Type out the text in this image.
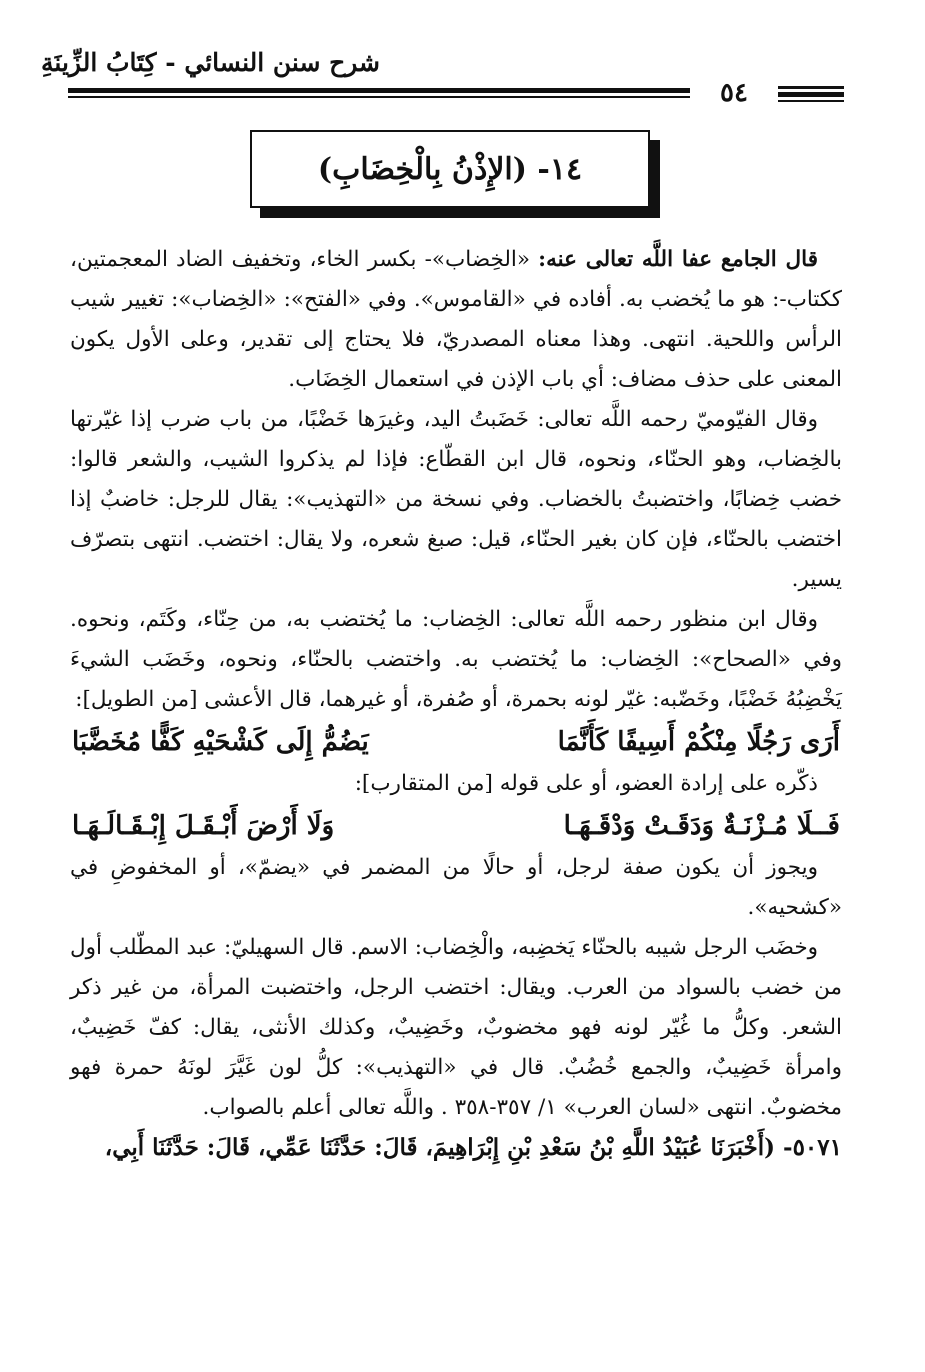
شرح سنن النسائي - كِتَابُ الزِّينَةِ
٥٤
١٤- (الإِذْنُ بِالْخِضَابِ)

قال الجامع عفا اللَّه تعالى عنه: «الخِضاب»- بكسر الخاء، وتخفيف الضاد المعجمتين، ككتاب-: هو ما يُخضب به. أفاده في «القاموس». وفي «الفتح»: «الخِضاب»: تغيير شيب الرأس واللحية. انتهى. وهذا معناه المصدريّ، فلا يحتاج إلى تقدير، وعلى الأول يكون المعنى على حذف مضاف: أي باب الإذن في استعمال الخِضَاب.

وقال الفيّوميّ رحمه اللَّه تعالى: خَضَبتُ اليد، وغيرَها خَضْبًا، من باب ضرب إذا غيّرتها بالخِضاب، وهو الحنّاء، ونحوه، قال ابن القطّاع: فإذا لم يذكروا الشيب، والشعر قالوا: خضب خِضابًا، واختضبتُ بالخضاب. وفي نسخة من «التهذيب»: يقال للرجل: خاضبٌ إذا اختضب بالحنّاء، فإن كان بغير الحنّاء، قيل: صبغ شعره، ولا يقال: اختضب. انتهى بتصرّف يسير.

وقال ابن منظور رحمه اللَّه تعالى: الخِضاب: ما يُختضب به، من حِنّاء، وكَتَم، ونحوه. وفي «الصحاح»: الخِضاب: ما يُختضب به. واختضب بالحنّاء، ونحوه، وخَضَب الشيءَ يَخْضِبُهُ خَضْبًا، وخَضّبه: غيّر لونه بحمرة، أو صُفرة، أو غيرهما، قال الأعشى [من الطويل]:

أَرَى رَجُلًا مِنْكُمْ أَسِيفًا كَأَنَّمَا
يَضُمُّ إِلَى كَشْحَيْهِ كَفًّا مُخَضَّبَا

ذكّره على إرادة العضو، أو على قوله [من المتقارب]:

فَــلَا مُـزْنَـةٌ وَدَقَـتْ وَدْقَـهَـا
وَلَا أَرْضَ أَبْـقَـلَ إِبْـقَـالَـهَـا

ويجوز أن يكون صفة لرجل، أو حالًا من المضمر في «يضمّ»، أو المخفوضِ في «كشحيه».

وخضَب الرجل شيبه بالحنّاء يَخضِبه، والْخِضاب: الاسم. قال السهيليّ: عبد المطّلب أول من خضب بالسواد من العرب. ويقال: اختضب الرجل، واختضبت المرأة، من غير ذكر الشعر. وكلُّ ما غُيّر لونه فهو مخضوبٌ، وخَضِيبٌ، وكذلك الأنثى، يقال: كفّ خَضِيبٌ، وامرأة خَضِيبٌ، والجمع خُضُبٌ. قال في «التهذيب»: كلُّ لون غَيَّرَ لونَهُ حمرة فهو مخضوبٌ. انتهى «لسان العرب» ١/ ٣٥٧-٣٥٨ . واللَّه تعالى أعلم بالصواب.

٥٠٧١- (أَخْبَرَنَا عُبَيْدُ اللَّهِ بْنُ سَعْدِ بْنِ إِبْرَاهِيمَ، قَالَ: حَدَّثَنَا عَمِّي، قَالَ: حَدَّثَنَا أَبِي،
